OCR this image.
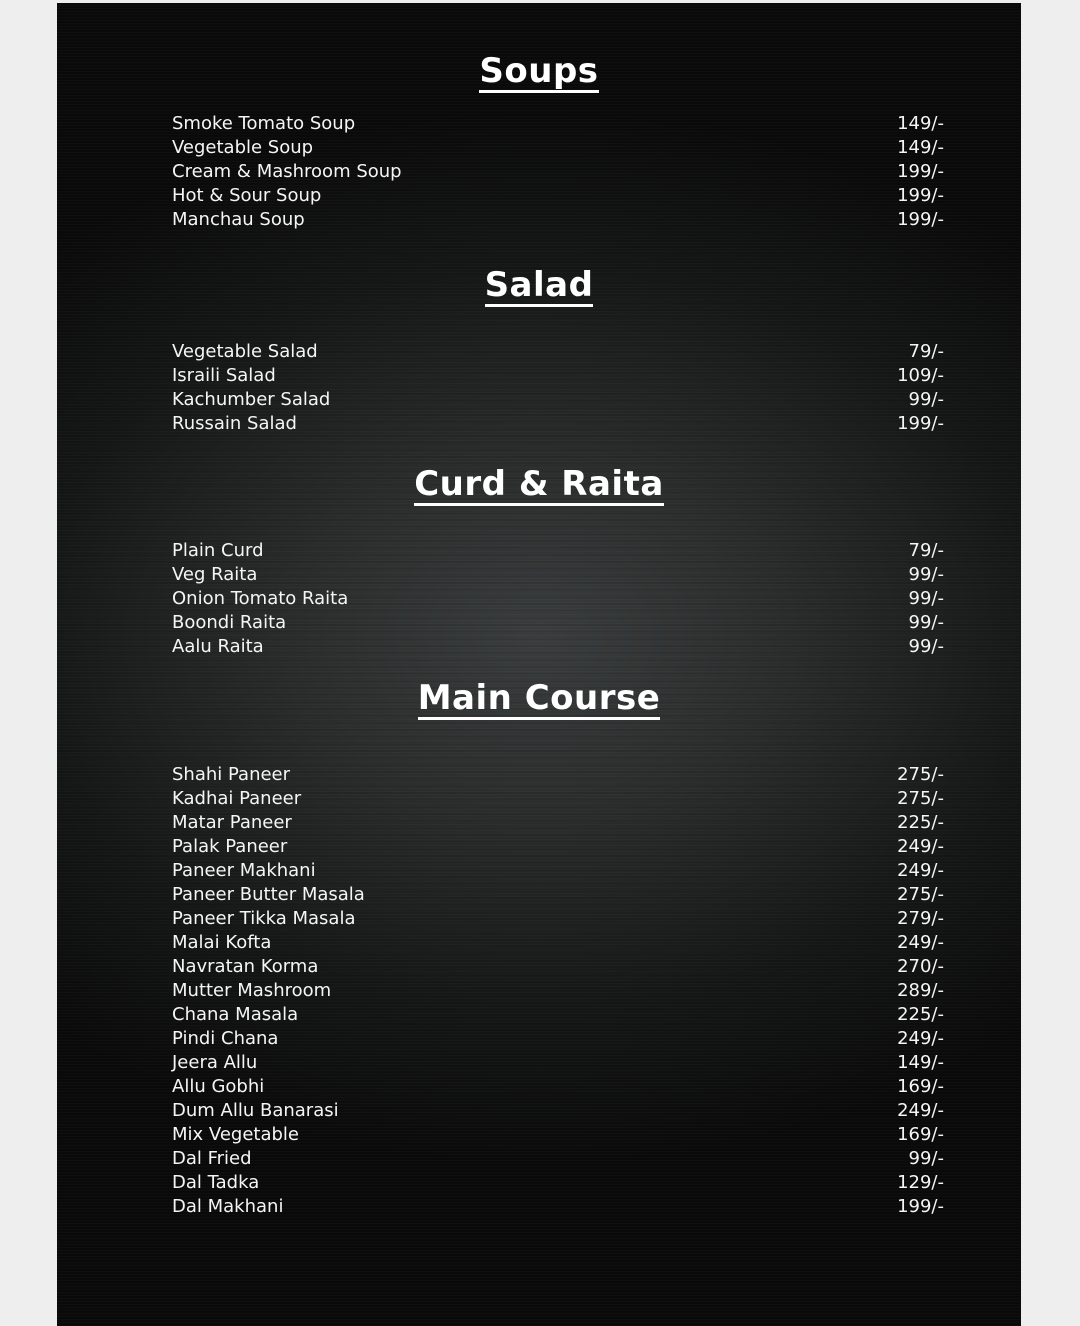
Soups
Smoke Tomato Soup	149/-
Vegetable Soup	149/-
Cream & Mashroom Soup	199/-
Hot & Sour Soup	199/-
Manchau Soup	199/-
Salad
Vegetable Salad	79/-
Israili Salad	109/-
Kachumber Salad	99/-
Russain Salad	199/-
Curd & Raita
Plain Curd	79/-
Veg Raita	99/-
Onion Tomato Raita	99/-
Boondi Raita	99/-
Aalu Raita	99/-
Main Course
Shahi Paneer	275/-
Kadhai Paneer	275/-
Matar Paneer	225/-
Palak Paneer	249/-
Paneer Makhani	249/-
Paneer Butter Masala	275/-
Paneer Tikka Masala	279/-
Malai Kofta	249/-
Navratan Korma	270/-
Mutter Mashroom	289/-
Chana Masala	225/-
Pindi Chana	249/-
Jeera Allu	149/-
Allu Gobhi	169/-
Dum Allu Banarasi	249/-
Mix Vegetable	169/-
Dal Fried	99/-
Dal Tadka	129/-
Dal Makhani	199/-
